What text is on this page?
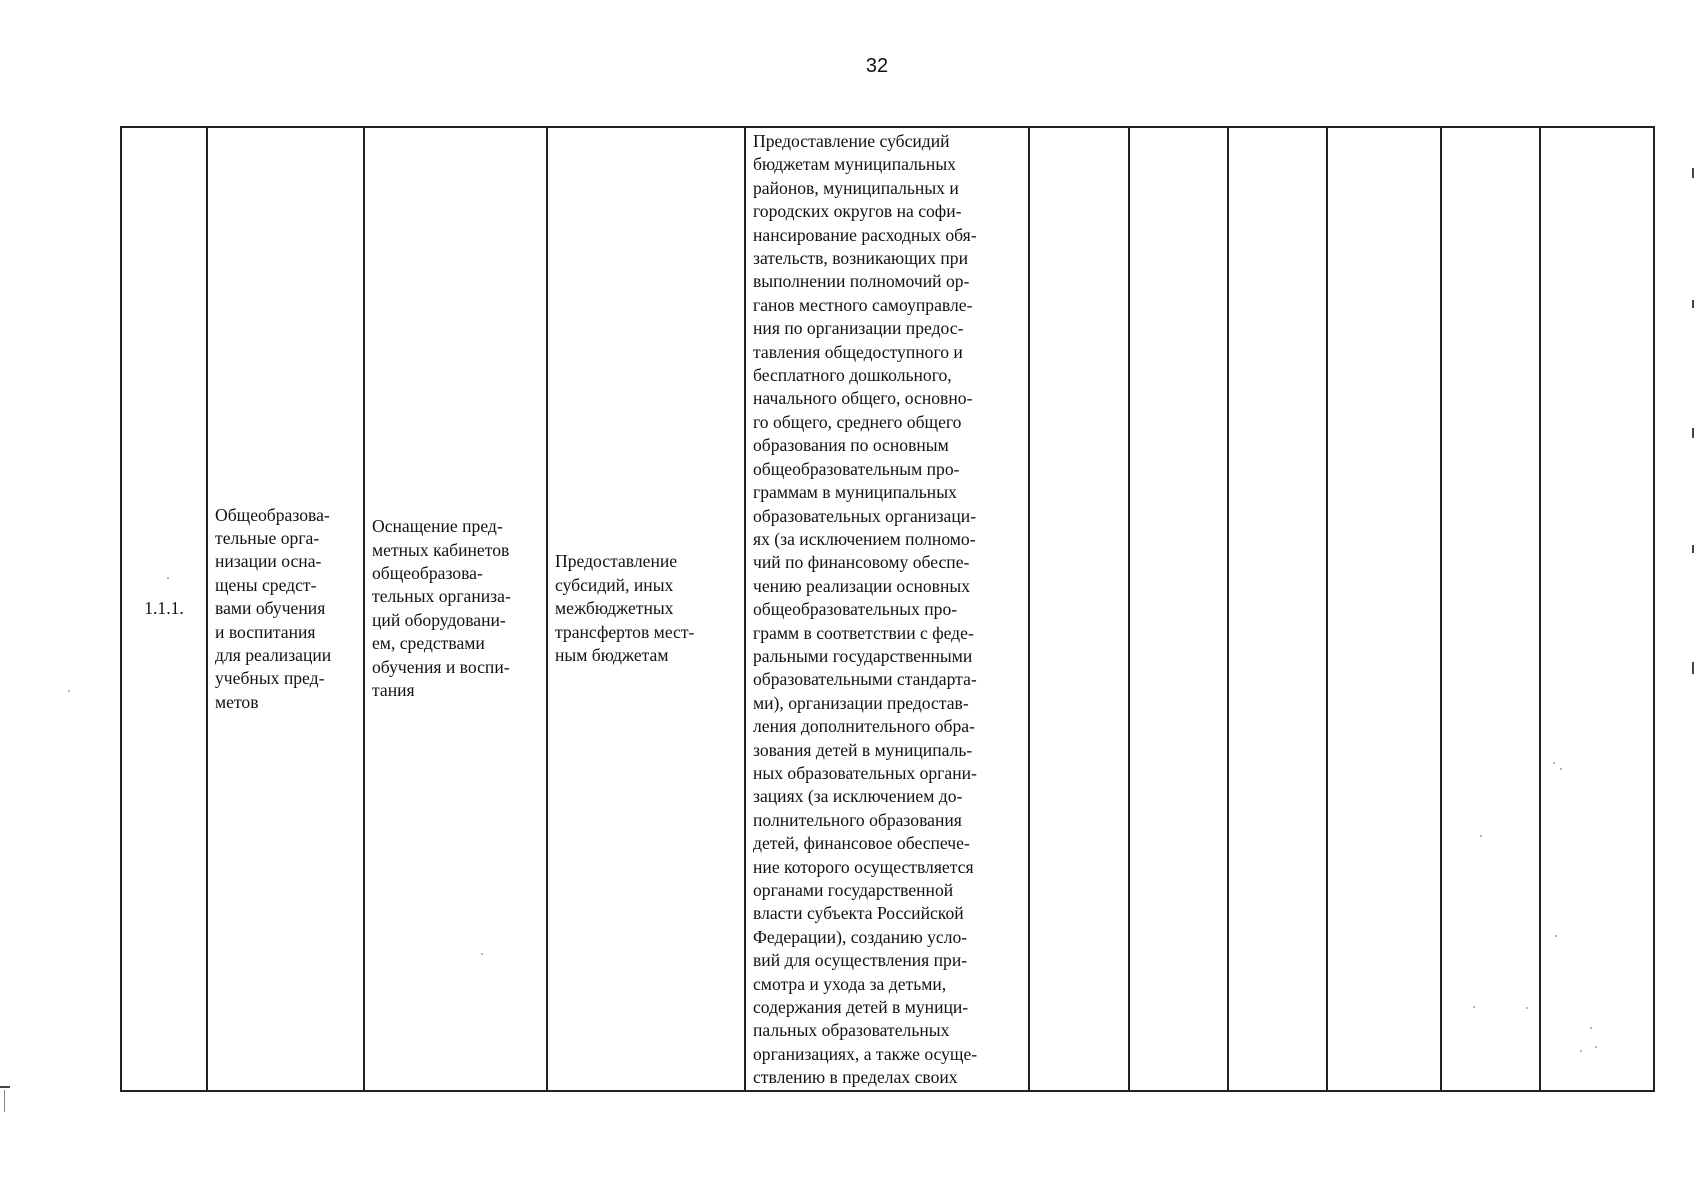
32
1.1.1.

Общеобразова-
тельные орга-
низации осна-
щены средст-
вами обучения
и воспитания
для реализации
учебных пред-
метов

Оснащение пред-
метных кабинетов
общеобразова-
тельных организа-
ций оборудовани-
ем, средствами
обучения и воспи-
тания

Предоставление
субсидий, иных
межбюджетных
трансфертов мест-
ным бюджетам

Предоставление субсидий
бюджетам муниципальных
районов, муниципальных и
городских округов на софи-
нансирование расходных обя-
зательств, возникающих при
выполнении полномочий ор-
ганов местного самоуправле-
ния по организации предос-
тавления общедоступного и
бесплатного дошкольного,
начального общего, основно-
го общего, среднего общего
образования по основным
общеобразовательным про-
граммам в муниципальных
образовательных организаци-
ях (за исключением полномо-
чий по финансовому обеспе-
чению реализации основных
общеобразовательных про-
грамм в соответствии с феде-
ральными государственными
образовательными стандарта-
ми), организации предостав-
ления дополнительного обра-
зования детей в муниципаль-
ных образовательных органи-
зациях (за исключением до-
полнительного образования
детей, финансовое обеспече-
ние которого осуществляется
органами государственной
власти субъекта Российской
Федерации), созданию усло-
вий для осуществления при-
смотра и ухода за детьми,
содержания детей в муници-
пальных образовательных
организациях, а также осуще-
ствлению в пределах своих
